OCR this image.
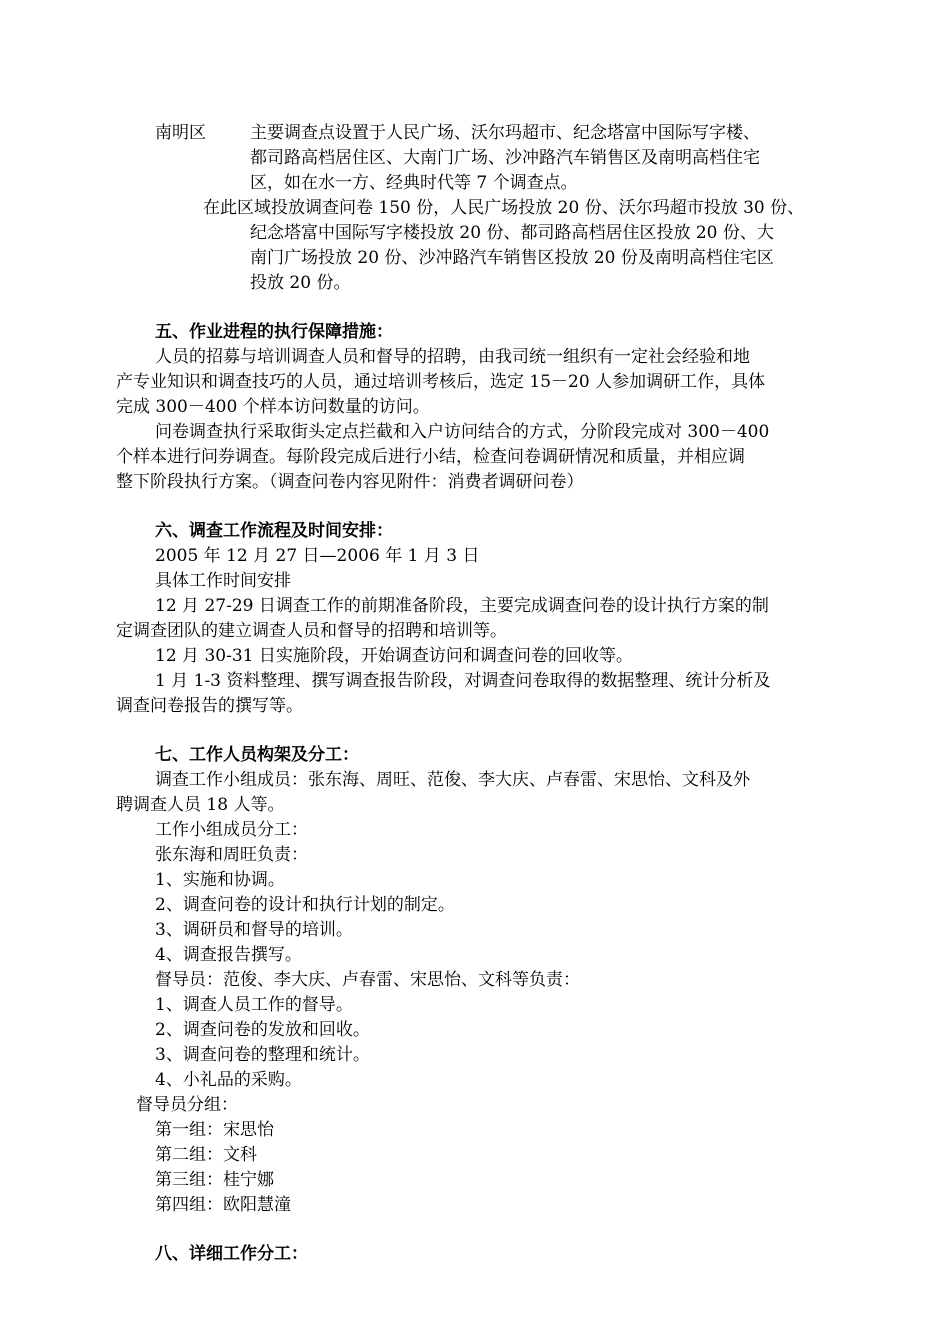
南明区	主要调查点设置于人民广场、沃尔玛超市、纪念塔富中国际写字楼、
都司路高档居住区、大南门广场、沙冲路汽车销售区及南明高档住宅
区，如在水一方、经典时代等 7 个调查点。
在此区域投放调查问卷 150 份，人民广场投放 20 份、沃尔玛超市投放 30 份、
纪念塔富中国际写字楼投放 20 份、都司路高档居住区投放 20 份、大
南门广场投放 20 份、沙冲路汽车销售区投放 20 份及南明高档住宅区
投放 20 份。
五、作业进程的执行保障措施：
人员的招募与培训调查人员和督导的招聘，由我司统一组织有一定社会经验和地
产专业知识和调查技巧的人员，通过培训考核后，选定 15－20 人参加调研工作，具体
完成 300－400 个样本访问数量的访问。
问卷调查执行采取街头定点拦截和入户访问结合的方式，分阶段完成对 300－400
个样本进行问券调查。每阶段完成后进行小结，检查问卷调研情况和质量，并相应调
整下阶段执行方案。（调查问卷内容见附件：消费者调研问卷）
六、调查工作流程及时间安排：
2005 年 12 月 27 日—2006 年 1 月 3 日
具体工作时间安排
12 月 27-29 日调查工作的前期准备阶段，主要完成调查问卷的设计执行方案的制
定调查团队的建立调查人员和督导的招聘和培训等。
12 月 30-31 日实施阶段，开始调查访问和调查问卷的回收等。
1 月 1-3 资料整理、撰写调查报告阶段，对调查问卷取得的数据整理、统计分析及
调查问卷报告的撰写等。
七、工作人员构架及分工：
调查工作小组成员：张东海、周旺、范俊、李大庆、卢春雷、宋思怡、文科及外
聘调查人员 18 人等。
工作小组成员分工：
张东海和周旺负责：
1、实施和协调。
2、调查问卷的设计和执行计划的制定。
3、调研员和督导的培训。
4、调查报告撰写。
督导员：范俊、李大庆、卢春雷、宋思怡、文科等负责：
1、调查人员工作的督导。
2、调查问卷的发放和回收。
3、调查问卷的整理和统计。
4、小礼品的采购。
督导员分组：
第一组：宋思怡
第二组：文科
第三组：桂宁娜
第四组：欧阳慧潼
八、详细工作分工：
